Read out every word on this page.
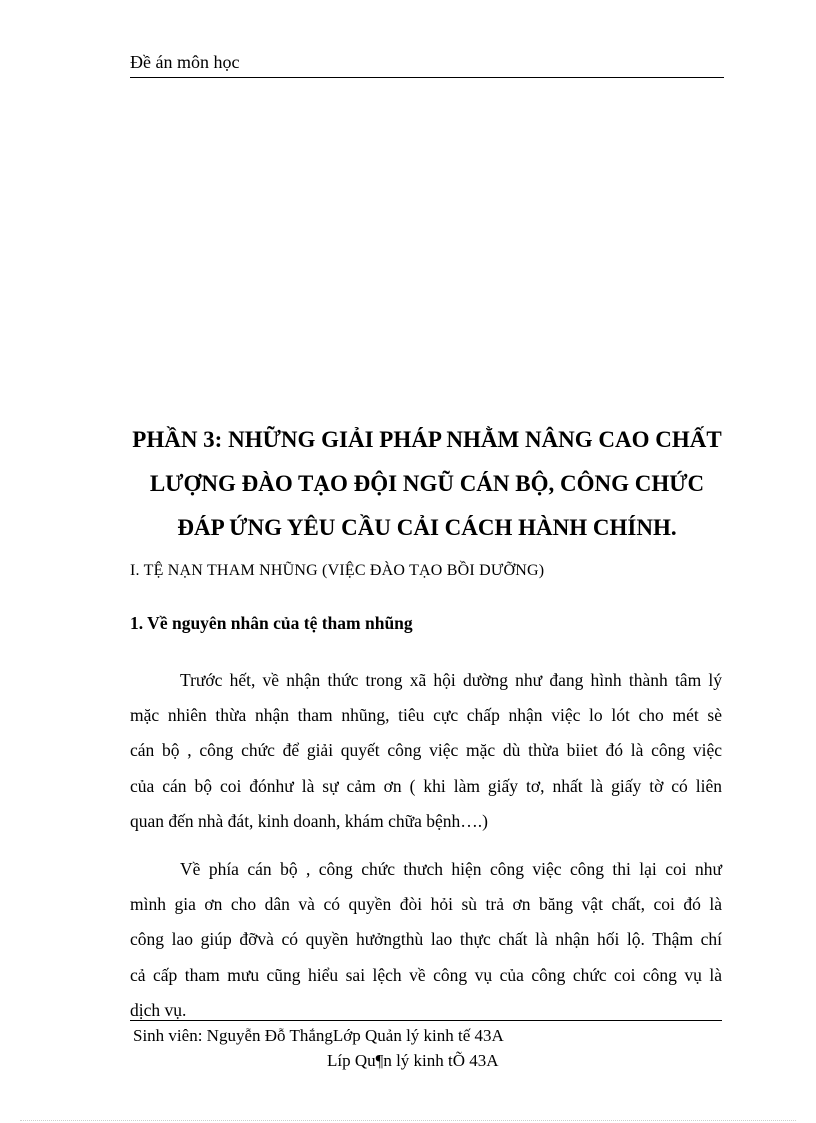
Đề án môn học
PHẦN 3: NHỮNG GIẢI PHÁP NHẰM NÂNG CAO CHẤT
LƯỢNG ĐÀO TẠO ĐỘI NGŨ CÁN BỘ, CÔNG CHỨC
ĐÁP ỨNG YÊU CẦU CẢI CÁCH HÀNH CHÍNH.
I. TỆ NẠN THAM NHŨNG (VIỆC ĐÀO TẠO BỒI DƯỠNG)
1. Về nguyên nhân của tệ tham nhũng

Trước hết, về nhận thức trong xã hội dường như đang hình thành tâm lý

mặc nhiên thừa nhận tham nhũng, tiêu cực chấp nhận việc lo lót cho mét sè

cán bộ , công chức để giải quyết công việc mặc dù thừa biiet đó là công việc

của cán bộ coi đónhư là sự cảm ơn ( khi làm giấy tơ, nhất là giấy tờ có liên

quan đến nhà đát, kinh doanh, khám chữa bệnh….)

Về phía cán bộ , công chức thưch hiện công việc công thi lại coi như

mình gia ơn cho dân và có quyền đòi hỏi sù trả ơn băng vật chất, coi đó là

công lao giúp đỡvà có quyền hưởngthù lao thực chất là nhận hối lộ. Thậm chí

cả cấp tham mưu cũng hiểu sai lệch về công vụ của công chức coi công vụ là

dịch vụ.

Sinh viên: Nguyễn Đỗ ThắngLớp Quản lý kinh tế 43A
Líp Qu¶n lý kinh tÕ 43A
